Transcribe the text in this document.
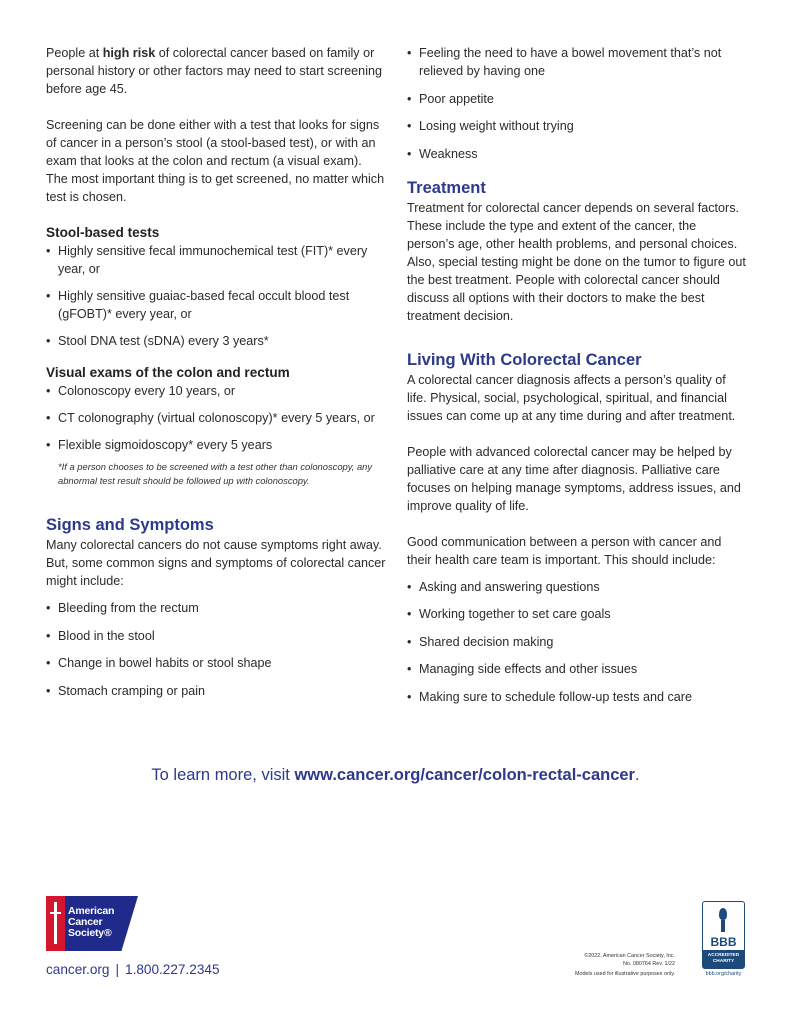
People at high risk of colorectal cancer based on family or personal history or other factors may need to start screening before age 45.

Screening can be done either with a test that looks for signs of cancer in a person’s stool (a stool-based test), or with an exam that looks at the colon and rectum (a visual exam). The most important thing is to get screened, no matter which test is chosen.

Stool-based tests
• Highly sensitive fecal immunochemical test (FIT)* every year, or
• Highly sensitive guaiac-based fecal occult blood test (gFOBT)* every year, or
• Stool DNA test (sDNA) every 3 years*
Visual exams of the colon and rectum
• Colonoscopy every 10 years, or
• CT colonography (virtual colonoscopy)* every 5 years, or
• Flexible sigmoidoscopy* every 5 years

*If a person chooses to be screened with a test other than colonoscopy, any abnormal test result should be followed up with colonoscopy.

Signs and Symptoms

Many colorectal cancers do not cause symptoms right away. But, some common signs and symptoms of colorectal cancer might include:

• Bleeding from the rectum
• Blood in the stool
• Change in bowel habits or stool shape
• Stomach cramping or pain
• Feeling the need to have a bowel movement that’s not relieved by having one
• Poor appetite
• Losing weight without trying
• Weakness
Treatment

Treatment for colorectal cancer depends on several factors. These include the type and extent of the cancer, the person’s age, other health problems, and personal choices. Also, special testing might be done on the tumor to figure out the best treatment. People with colorectal cancer should discuss all options with their doctors to make the best treatment decision.

Living With Colorectal Cancer

A colorectal cancer diagnosis affects a person’s quality of life. Physical, social, psychological, spiritual, and financial issues can come up at any time during and after treatment.

People with advanced colorectal cancer may be helped by palliative care at any time after diagnosis. Palliative care focuses on helping manage symptoms, address issues, and improve quality of life.

Good communication between a person with cancer and their health care team is important. This should include:

• Asking and answering questions
• Working together to set care goals
• Shared decision making
• Managing side effects and other issues
• Making sure to schedule follow-up tests and care
To learn more, visit www.cancer.org/cancer/colon-rectal-cancer.
American
Cancer
Society®
cancer.org | 1.800.227.2345
©2022, American Cancer Society, Inc.
No. 080764 Rev. 1/22
Models used for illustrative purposes only.
BBB
ACCREDITED
CHARITY
bbb.org/charity
